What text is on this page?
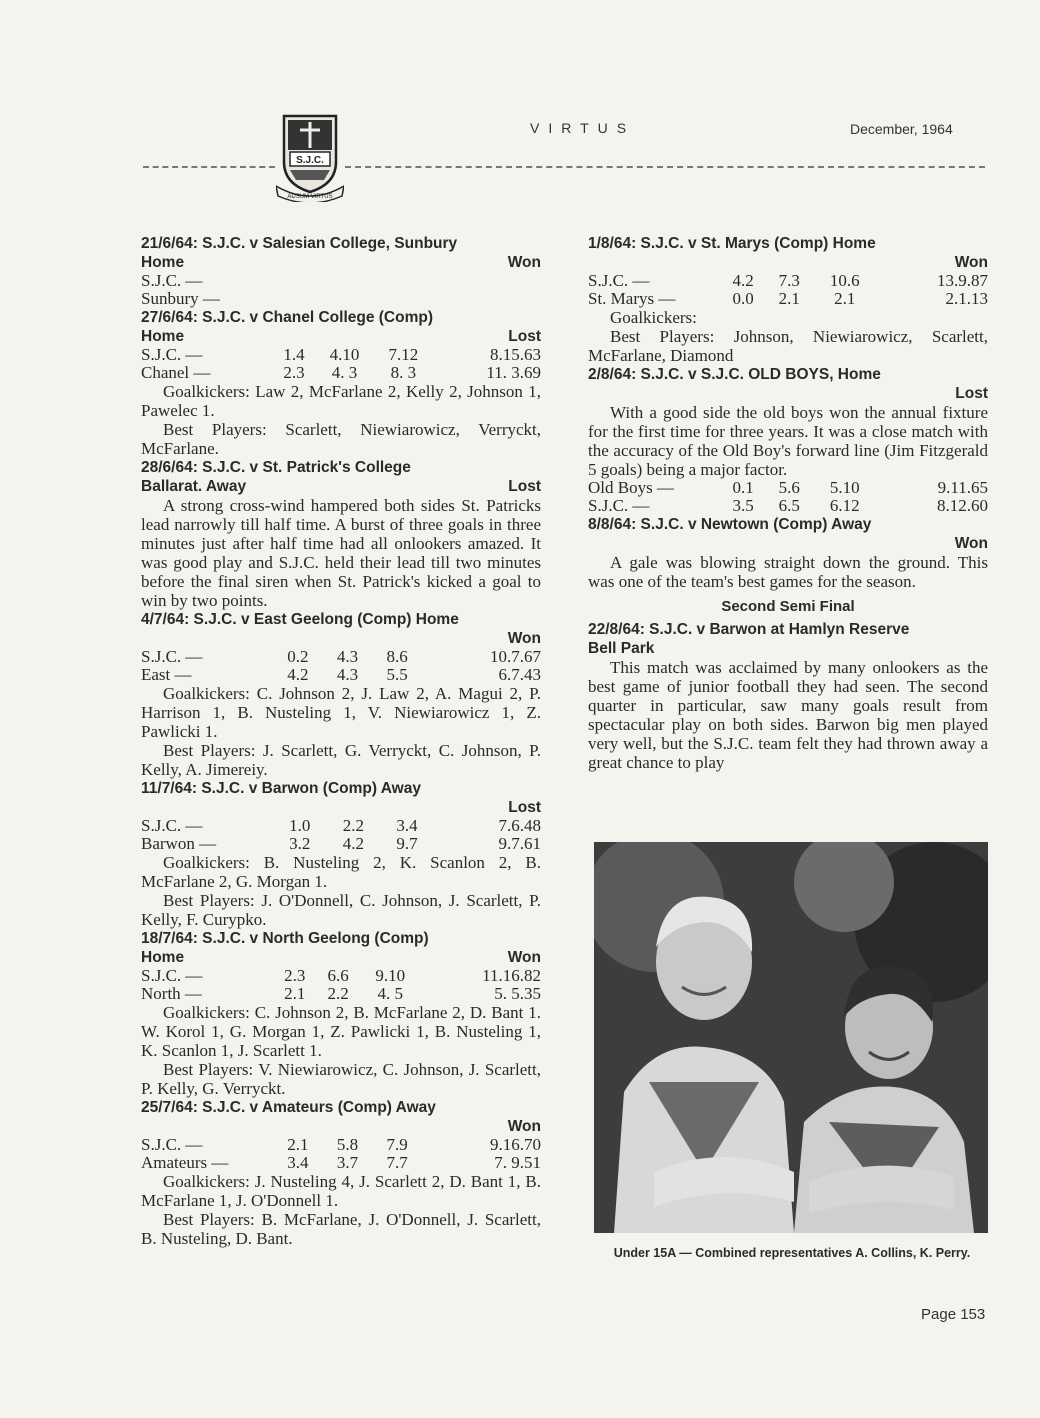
S.J.C.
ADSUM VIRTUS
VIRTUS	December, 1964
21/6/64: S.J.C. v Salesian College, Sunbury
Home	Won
S.J.C. —				
Sunbury —				
27/6/64: S.J.C. v Chanel College (Comp)
Home	Lost
S.J.C. —	1.4	4.10	7.12	8.15.63
Chanel —	2.3	4. 3	8. 3	11. 3.69

Goalkickers: Law 2, McFarlane 2, Kelly 2, Johnson 1, Pawelec 1.

Best Players: Scarlett, Niewiarowicz, Verryckt, McFarlane.

28/6/64: S.J.C. v St. Patrick's College
Ballarat. Away	Lost

A strong cross-wind hampered both sides St. Patricks lead narrowly till half time. A burst of three goals in three minutes just after half time had all onlookers amazed. It was good play and S.J.C. held their lead till two minutes before the final siren when St. Patrick's kicked a goal to win by two points.

4/7/64: S.J.C. v East Geelong (Comp) Home
Won
S.J.C. —	0.2	4.3	8.6	10.7.67
East —	4.2	4.3	5.5	6.7.43

Goalkickers: C. Johnson 2, J. Law 2, A. Magui 2, P. Harrison 1, B. Nusteling 1, V. Niewiarowicz 1, Z. Pawlicki 1.

Best Players: J. Scarlett, G. Verryckt, C. Johnson, P. Kelly, A. Jimereiy.

11/7/64: S.J.C. v Barwon (Comp) Away
Lost
S.J.C. —	1.0	2.2	3.4	7.6.48
Barwon —	3.2	4.2	9.7	9.7.61

Goalkickers: B. Nusteling 2, K. Scanlon 2, B. McFarlane 2, G. Morgan 1.

Best Players: J. O'Donnell, C. Johnson, J. Scarlett, P. Kelly, F. Curypko.

18/7/64: S.J.C. v North Geelong (Comp)
Home	Won
S.J.C. —	2.3	6.6	9.10	11.16.82
North —	2.1	2.2	4. 5	5. 5.35

Goalkickers: C. Johnson 2, B. McFarlane 2, D. Bant 1. W. Korol 1, G. Morgan 1, Z. Pawlicki 1, B. Nusteling 1, K. Scanlon 1, J. Scarlett 1.

Best Players: V. Niewiarowicz, C. Johnson, J. Scarlett, P. Kelly, G. Verryckt.

25/7/64: S.J.C. v Amateurs (Comp) Away
Won
S.J.C. —	2.1	5.8	7.9	9.16.70
Amateurs —	3.4	3.7	7.7	7. 9.51

Goalkickers: J. Nusteling 4, J. Scarlett 2, D. Bant 1, B. McFarlane 1, J. O'Donnell 1.

Best Players: B. McFarlane, J. O'Donnell, J. Scarlett, B. Nusteling, D. Bant.

1/8/64: S.J.C. v St. Marys (Comp) Home
Won
S.J.C. —	4.2	7.3	10.6	13.9.87
St. Marys —	0.0	2.1	2.1	2.1.13

Goalkickers:

Best Players: Johnson, Niewiarowicz, Scarlett, McFarlane, Diamond

2/8/64: S.J.C. v S.J.C. OLD BOYS, Home
Lost

With a good side the old boys won the annual fixture for the first time for three years. It was a close match with the accuracy of the Old Boy's forward line (Jim Fitzgerald 5 goals) being a major factor.

Old Boys —	0.1	5.6	5.10	9.11.65
S.J.C. —	3.5	6.5	6.12	8.12.60
8/8/64: S.J.C. v Newtown (Comp) Away
Won

A gale was blowing straight down the ground. This was one of the team's best games for the season.

Second Semi Final
22/8/64: S.J.C. v Barwon at Hamlyn Reserve
Bell Park

This match was acclaimed by many onlookers as the best game of junior football they had seen. The second quarter in particular, saw many goals result from spectacular play on both sides. Barwon big men played very well, but the S.J.C. team felt they had thrown away a great chance to play

Under 15A — Combined representatives A. Collins, K. Perry.
Page 153
